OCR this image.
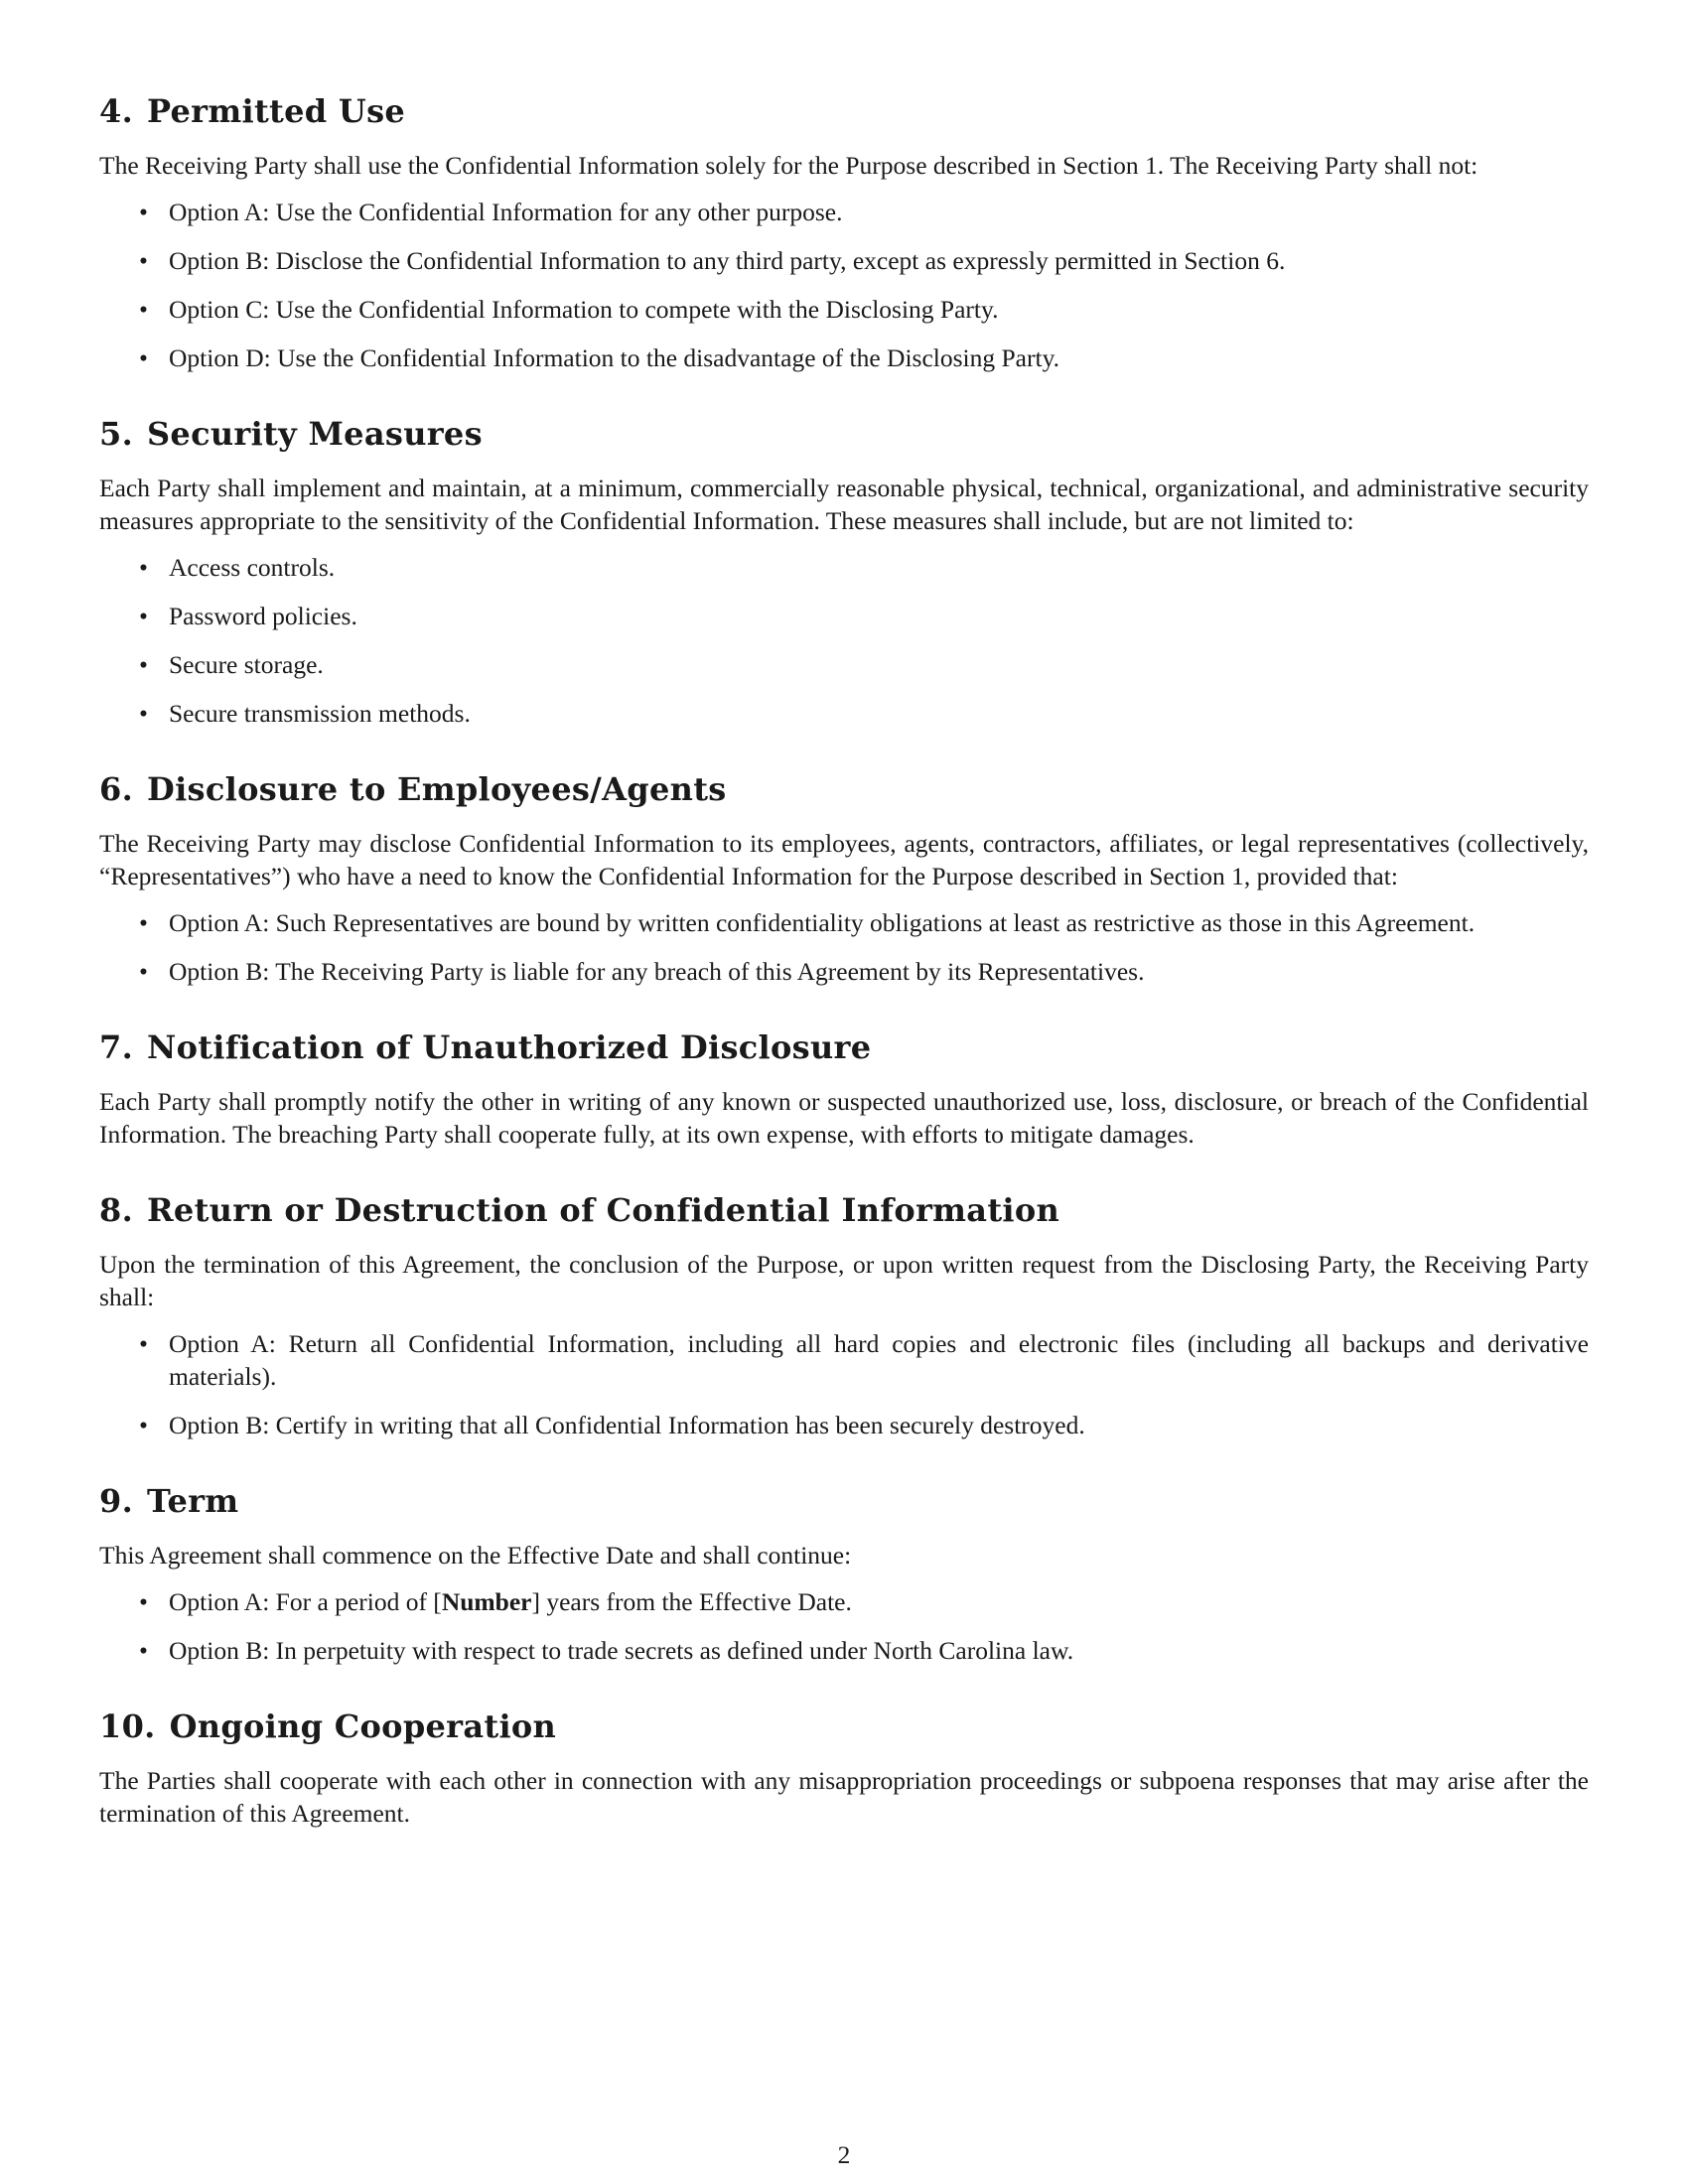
4. Permitted Use

The Receiving Party shall use the Confidential Information solely for the Purpose described in Section 1. The Receiving Party shall not:

• Option A: Use the Confidential Information for any other purpose.
• Option B: Disclose the Confidential Information to any third party, except as expressly permitted in Section 6.
• Option C: Use the Confidential Information to compete with the Disclosing Party.
• Option D: Use the Confidential Information to the disadvantage of the Disclosing Party.
5. Security Measures

Each Party shall implement and maintain, at a minimum, commercially reasonable physical, technical, organizational, and administrative security measures appropriate to the sensitivity of the Confidential Information. These measures shall include, but are not limited to:

• Access controls.
• Password policies.
• Secure storage.
• Secure transmission methods.
6. Disclosure to Employees/Agents

The Receiving Party may disclose Confidential Information to its employees, agents, contractors, affiliates, or legal representatives (collectively, “Representatives”) who have a need to know the Confidential Information for the Purpose described in Section 1, provided that:

• Option A: Such Representatives are bound by written confidentiality obligations at least as restrictive as those in this Agreement.
• Option B: The Receiving Party is liable for any breach of this Agreement by its Representatives.
7. Notification of Unauthorized Disclosure

Each Party shall promptly notify the other in writing of any known or suspected unauthorized use, loss, disclosure, or breach of the Confidential Information. The breaching Party shall cooperate fully, at its own expense, with efforts to mitigate damages.

8. Return or Destruction of Confidential Information

Upon the termination of this Agreement, the conclusion of the Purpose, or upon written request from the Disclosing Party, the Receiving Party shall:

• Option A: Return all Confidential Information, including all hard copies and electronic files (including all backups and derivative materials).
• Option B: Certify in writing that all Confidential Information has been securely destroyed.
9. Term

This Agreement shall commence on the Effective Date and shall continue:

• Option A: For a period of [Number] years from the Effective Date.
• Option B: In perpetuity with respect to trade secrets as defined under North Carolina law.
10. Ongoing Cooperation

The Parties shall cooperate with each other in connection with any misappropriation proceedings or subpoena responses that may arise after the termination of this Agreement.

2
